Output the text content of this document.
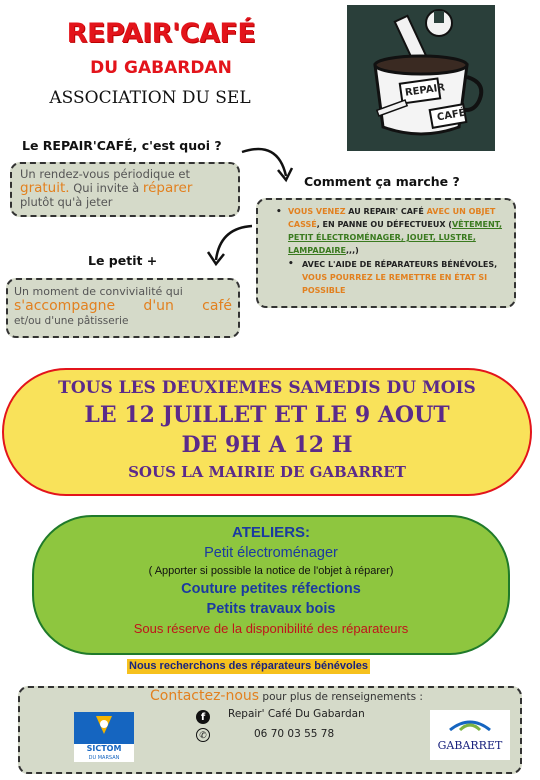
REPAIR'CAFÉ
DU GABARDAN
ASSOCIATION DU SEL	REPAIR
CAFÉ
Le REPAIR'CAFÉ, c'est quoi ?
Un rendez-vous périodique et
gratuit. Qui invite à réparer
plutôt qu'à jeter
Comment ça marche ?
• VOUS VENEZ AU REPAIR' CAFÉ AVEC UN OBJET CASSÉ, EN PANNE OU DÉFECTUEUX (VÊTEMENT, PETIT ÉLECTROMÉNAGER, JOUET, LUSTRE, LAMPADAIRE,,,)
• AVEC L'AIDE DE RÉPARATEURS BÉNÉVOLES, VOUS POURREZ LE REMETTRE EN ÉTAT SI POSSIBLE
Le petit +
Un moment de convivialité qui
s'accompagne d'un café
et/ou d'une pâtisserie
TOUS LES DEUXIEMES SAMEDIS DU MOIS
LE 12 JUILLET ET LE 9 AOUT
DE 9H A 12 H
SOUS LA MAIRIE DE GABARRET
ATELIERS:
Petit électroménager
( Apporter si possible la notice de l'objet à réparer)
Couture petites réfections
Petits travaux bois
Sous réserve de la disponibilité des réparateurs
Nous recherchons des réparateurs bénévoles
Contactez-nous pour plus de renseignements :
f	Repair' Café Du Gabardan
✆	06 70 03 55 78
SICTOM
DU MARSAN
GABARRET
